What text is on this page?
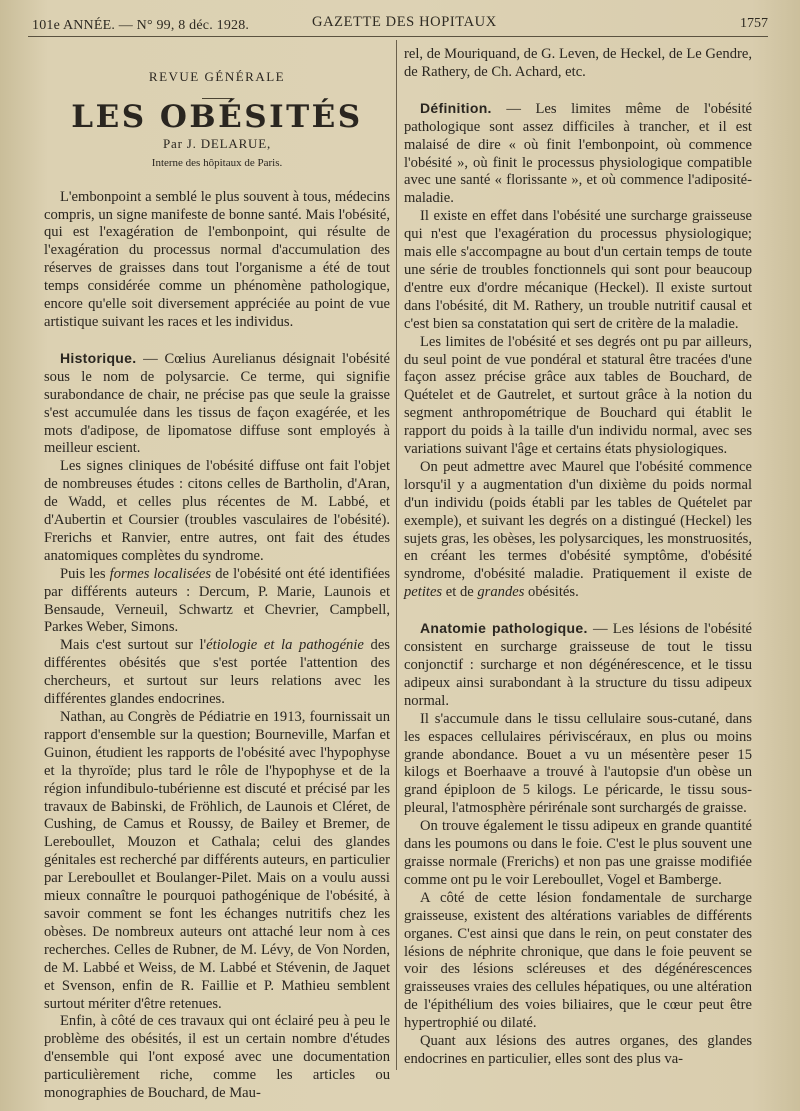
101e ANNÉE. — N° 99, 8 déc. 1928.	GAZETTE DES HOPITAUX	1757
REVUE GÉNÉRALE
LES OBÉSITÉS
Par J. DELARUE,
Interne des hôpitaux de Paris.

L'embonpoint a semblé le plus souvent à tous, médecins compris, un signe manifeste de bonne santé. Mais l'obésité, qui est l'exagération de l'embonpoint, qui résulte de l'exagération du processus normal d'accumulation des réserves de graisses dans tout l'organisme a été de tout temps considérée comme un phénomène pathologique, encore qu'elle soit diversement appréciée au point de vue artistique suivant les races et les individus.

Historique. — Cœlius Aurelianus désignait l'obésité sous le nom de polysarcie. Ce terme, qui signifie surabondance de chair, ne précise pas que seule la graisse s'est accumulée dans les tissus de façon exagérée, et les mots d'adipose, de lipomatose diffuse sont employés à meilleur escient.

Les signes cliniques de l'obésité diffuse ont fait l'objet de nombreuses études : citons celles de Bartholin, d'Aran, de Wadd, et celles plus récentes de M. Labbé, et d'Aubertin et Coursier (troubles vasculaires de l'obésité). Frerichs et Ranvier, entre autres, ont fait des études anatomiques complètes du syndrome.

Puis les formes localisées de l'obésité ont été identifiées par différents auteurs : Dercum, P. Marie, Launois et Bensaude, Verneuil, Schwartz et Chevrier, Campbell, Parkes Weber, Simons.

Mais c'est surtout sur l'étiologie et la pathogénie des différentes obésités que s'est portée l'attention des chercheurs, et surtout sur leurs relations avec les différentes glandes endocrines.

Nathan, au Congrès de Pédiatrie en 1913, fournissait un rapport d'ensemble sur la question; Bourneville, Marfan et Guinon, étudient les rapports de l'obésité avec l'hypophyse et la thyroïde; plus tard le rôle de l'hypophyse et de la région infundibulo-tubérienne est discuté et précisé par les travaux de Babinski, de Fröhlich, de Launois et Cléret, de Cushing, de Camus et Roussy, de Bailey et Bremer, de Lereboullet, Mouzon et Cathala; celui des glandes génitales est recherché par différents auteurs, en particulier par Lereboullet et Boulanger-Pilet. Mais on a voulu aussi mieux connaître le pourquoi pathogénique de l'obésité, à savoir comment se font les échanges nutritifs chez les obèses. De nombreux auteurs ont attaché leur nom à ces recherches. Celles de Rubner, de M. Lévy, de Von Norden, de M. Labbé et Weiss, de M. Labbé et Stévenin, de Jaquet et Svenson, enfin de R. Faillie et P. Mathieu semblent surtout mériter d'être retenues.

Enfin, à côté de ces travaux qui ont éclairé peu à peu le problème des obésités, il est un certain nombre d'études d'ensemble qui l'ont exposé avec une documentation particulièrement riche, comme les articles ou monographies de Bouchard, de Mau-

rel, de Mouriquand, de G. Leven, de Heckel, de Le Gendre, de Rathery, de Ch. Achard, etc.

Définition. — Les limites même de l'obésité pathologique sont assez difficiles à trancher, et il est malaisé de dire « où finit l'embonpoint, où commence l'obésité », où finit le processus physiologique compatible avec une santé « florissante », et où commence l'adiposité-maladie.

Il existe en effet dans l'obésité une surcharge graisseuse qui n'est que l'exagération du processus physiologique; mais elle s'accompagne au bout d'un certain temps de toute une série de troubles fonctionnels qui sont pour beaucoup d'entre eux d'ordre mécanique (Heckel). Il existe surtout dans l'obésité, dit M. Rathery, un trouble nutritif causal et c'est bien sa constatation qui sert de critère de la maladie.

Les limites de l'obésité et ses degrés ont pu par ailleurs, du seul point de vue pondéral et statural être tracées d'une façon assez précise grâce aux tables de Bouchard, de Quételet et de Gautrelet, et surtout grâce à la notion du segment anthropométrique de Bouchard qui établit le rapport du poids à la taille d'un individu normal, avec ses variations suivant l'âge et certains états physiologiques.

On peut admettre avec Maurel que l'obésité commence lorsqu'il y a augmentation d'un dixième du poids normal d'un individu (poids établi par les tables de Quételet par exemple), et suivant les degrés on a distingué (Heckel) les sujets gras, les obèses, les polysarciques, les monstruosités, en créant les termes d'obésité symptôme, d'obésité syndrome, d'obésité maladie. Pratiquement il existe de petites et de grandes obésités.

Anatomie pathologique. — Les lésions de l'obésité consistent en surcharge graisseuse de tout le tissu conjonctif : surcharge et non dégénérescence, et le tissu adipeux ainsi surabondant à la structure du tissu adipeux normal.

Il s'accumule dans le tissu cellulaire sous-cutané, dans les espaces cellulaires périviscéraux, en plus ou moins grande abondance. Bouet a vu un mésentère peser 15 kilogs et Boerhaave a trouvé à l'autopsie d'un obèse un grand épiploon de 5 kilogs. Le péricarde, le tissu sous-pleural, l'atmosphère périrénale sont surchargés de graisse.

On trouve également le tissu adipeux en grande quantité dans les poumons ou dans le foie. C'est le plus souvent une graisse normale (Frerichs) et non pas une graisse modifiée comme ont pu le voir Lereboullet, Vogel et Bamberge.

A côté de cette lésion fondamentale de surcharge graisseuse, existent des altérations variables de différents organes. C'est ainsi que dans le rein, on peut constater des lésions de néphrite chronique, que dans le foie peuvent se voir des lésions scléreuses et des dégénérescences graisseuses vraies des cellules hépatiques, ou une altération de l'épithélium des voies biliaires, que le cœur peut être hypertrophié ou dilaté.

Quant aux lésions des autres organes, des glandes endocrines en particulier, elles sont des plus va-
